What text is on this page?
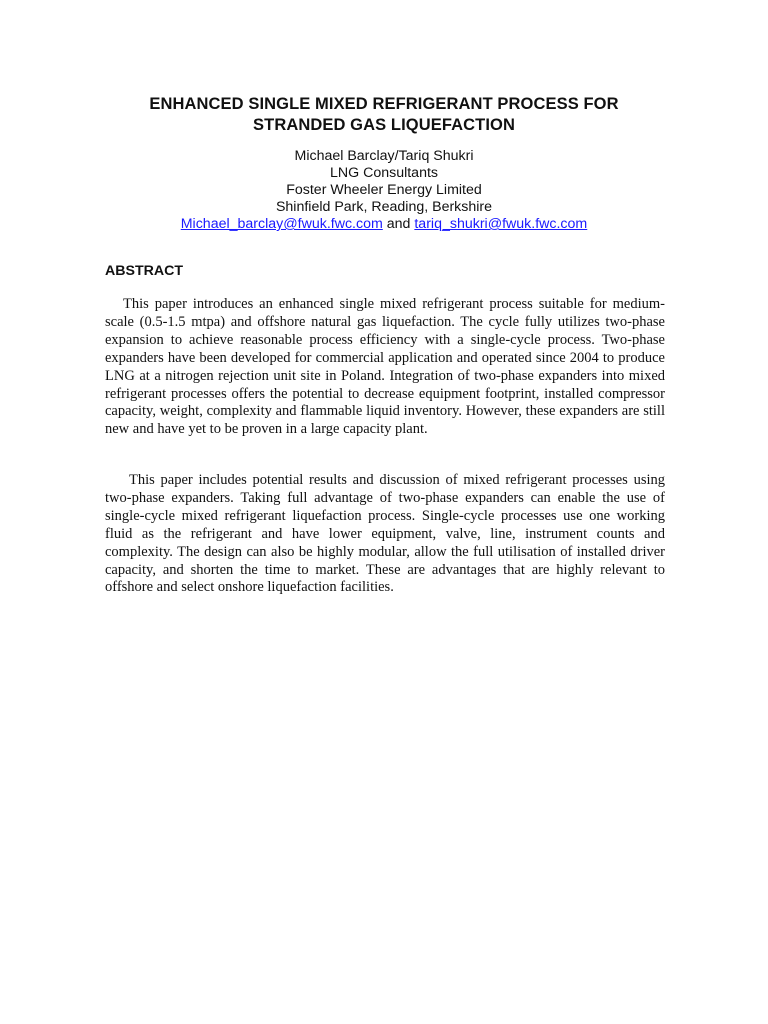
ENHANCED SINGLE MIXED REFRIGERANT PROCESS FOR
STRANDED GAS LIQUEFACTION
Michael Barclay/Tariq Shukri
LNG Consultants
Foster Wheeler Energy Limited
Shinfield Park, Reading, Berkshire
Michael_barclay@fwuk.fwc.com and tariq_shukri@fwuk.fwc.com
ABSTRACT
This paper introduces an enhanced single mixed refrigerant process suitable for medium-scale (0.5-1.5 mtpa) and offshore natural gas liquefaction. The cycle fully utilizes two-phase expansion to achieve reasonable process efficiency with a single-cycle process. Two-phase expanders have been developed for commercial application and operated since 2004 to produce LNG at a nitrogen rejection unit site in Poland. Integration of two-phase expanders into mixed refrigerant processes offers the potential to decrease equipment footprint, installed compressor capacity, weight, complexity and flammable liquid inventory. However, these expanders are still new and have yet to be proven in a large capacity plant.
This paper includes potential results and discussion of mixed refrigerant processes using two-phase expanders. Taking full advantage of two-phase expanders can enable the use of single-cycle mixed refrigerant liquefaction process. Single-cycle processes use one working fluid as the refrigerant and have lower equipment, valve, line, instrument counts and complexity. The design can also be highly modular, allow the full utilisation of installed driver capacity, and shorten the time to market. These are advantages that are highly relevant to offshore and select onshore liquefaction facilities.
